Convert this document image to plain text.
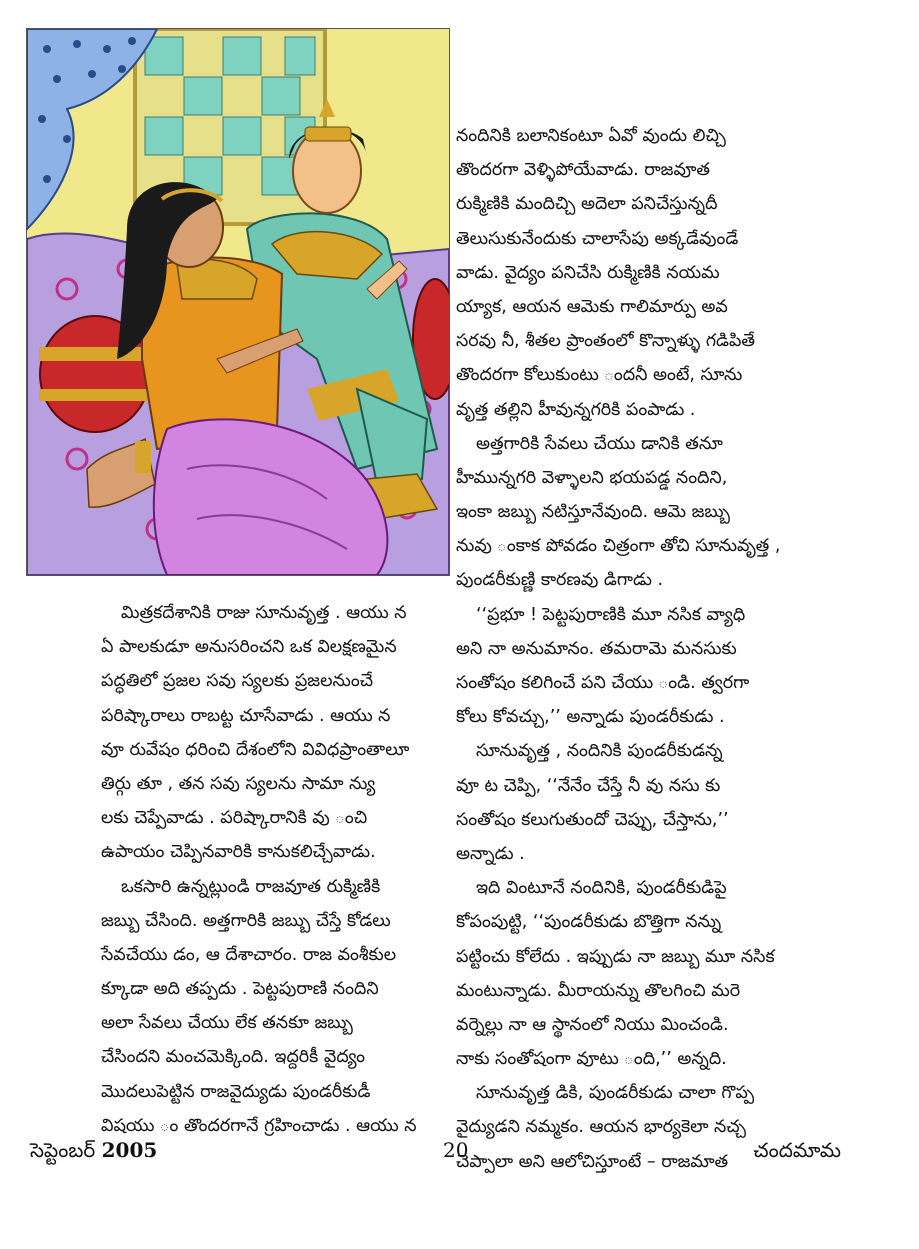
నందినికి బలానికంటూ ఏవో వుందు లిచ్చి

తొందరగా వెళ్ళిపోయేవాడు. రాజవూత

రుక్మిణికి మందిచ్చి అదెలా పనిచేస్తున్నదీ

తెలుసుకునేందుకు చాలాసేపు అక్కడేవుండే

వాడు. వైద్యం పనిచేసి రుక్మిణికి నయమ

య్యాక, ఆయన ఆమెకు గాలిమార్పు అవ

సరవు నీ, శీతల ప్రాంతంలో కొన్నాళ్ళు గడిపితే

తొందరగా కోలుకుంటు ందనీ అంటే, సూను

వృత్త తల్లిని హీవున్నగరికి పంపాడు .

అత్తగారికి సేవలు చేయు డానికి తనూ

హీమున్నగరి వెళ్ళాలని భయపడ్డ నందిని,

ఇంకా జబ్బు నటిస్తూనేవుంది. ఆమె జబ్బు

నువు ంకాక పోవడం చిత్రంగా తోచి సూనువృత్త ,

పుండరీకుణ్ణి కారణవు డిగాడు .

‘‘ప్రభూ ! పెట్టపురాణికి మూ నసిక వ్యాధి

అని నా అనుమానం. తమరామె మనసుకు

సంతోషం కలిగించే పని చేయు ండి. త్వరగా

కోలు కోవచ్చు,’’ అన్నాడు పుండరీకుడు .

సూనువృత్త , నందినికి పుండరీకుడన్న

వూ ట చెప్పి, ‘‘నేనేం చేస్తే నీ వు నసు కు

సంతోషం కలుగుతుందో చెప్పు, చేస్తాను,’’

అన్నాడు .

ఇది వింటూనే నందినికి, పుండరీకుడిపై

కోపంపుట్టి, ‘‘పుండరీకుడు బొత్తిగా నన్ను

పట్టించు కోలేదు . ఇప్పుడు నా జబ్బు మూ నసిక

మంటున్నాడు. మీరాయన్ను తొలగించి మరె

వర్నెల్లు నా ఆ స్థానంలో నియు మించండి.

నాకు సంతోషంగా వూటు ంది,’’ అన్నది.

సూనువృత్త డికి, పుండరీకుడు చాలా గొప్ప

వైద్యుడని నమ్మకం. ఆయన భార్యకెలా నచ్చ

చెప్పాలా అని ఆలోచిస్తూంటే – రాజమాత

మిత్రకదేశానికి రాజు సూనువృత్త . ఆయు న

ఏ పాలకుడూ అనుసరించని ఒక విలక్షణమైన

పద్ధతిలో ప్రజల సవు స్యలకు ప్రజలనుంచే

పరిష్కారాలు రాబట్ట చూసేవాడు . ఆయు న

వూ రువేషం ధరించి దేశంలోని వివిధప్రాంతాలూ

తిర్గు తూ , తన సవు స్యలను సామా న్యు

లకు చెప్పేవాడు . పరిష్కారానికి వు ంచి

ఉపాయం చెప్పినవారికి కానుకలిచ్చేవాడు.

ఒకసారి ఉన్నట్లుండి రాజవూత రుక్మిణికి

జబ్బు చేసింది. అత్తగారికి జబ్బు చేస్తే కోడలు

సేవచేయు డం, ఆ దేశాచారం. రాజ వంశీకుల

క్కూడా అది తప్పదు . పెట్టపురాణి నందిని

అలా సేవలు చేయు లేక తనకూ జబ్బు

చేసిందని మంచమెక్కింది. ఇద్దరికీ వైద్యం

మొదలుపెట్టిన రాజవైద్యుడు పుండరీకుడీ

విషయు ం తొందరగానే గ్రహించాడు . ఆయు న

సెప్టెంబర్ 2005	20	చందమామ
